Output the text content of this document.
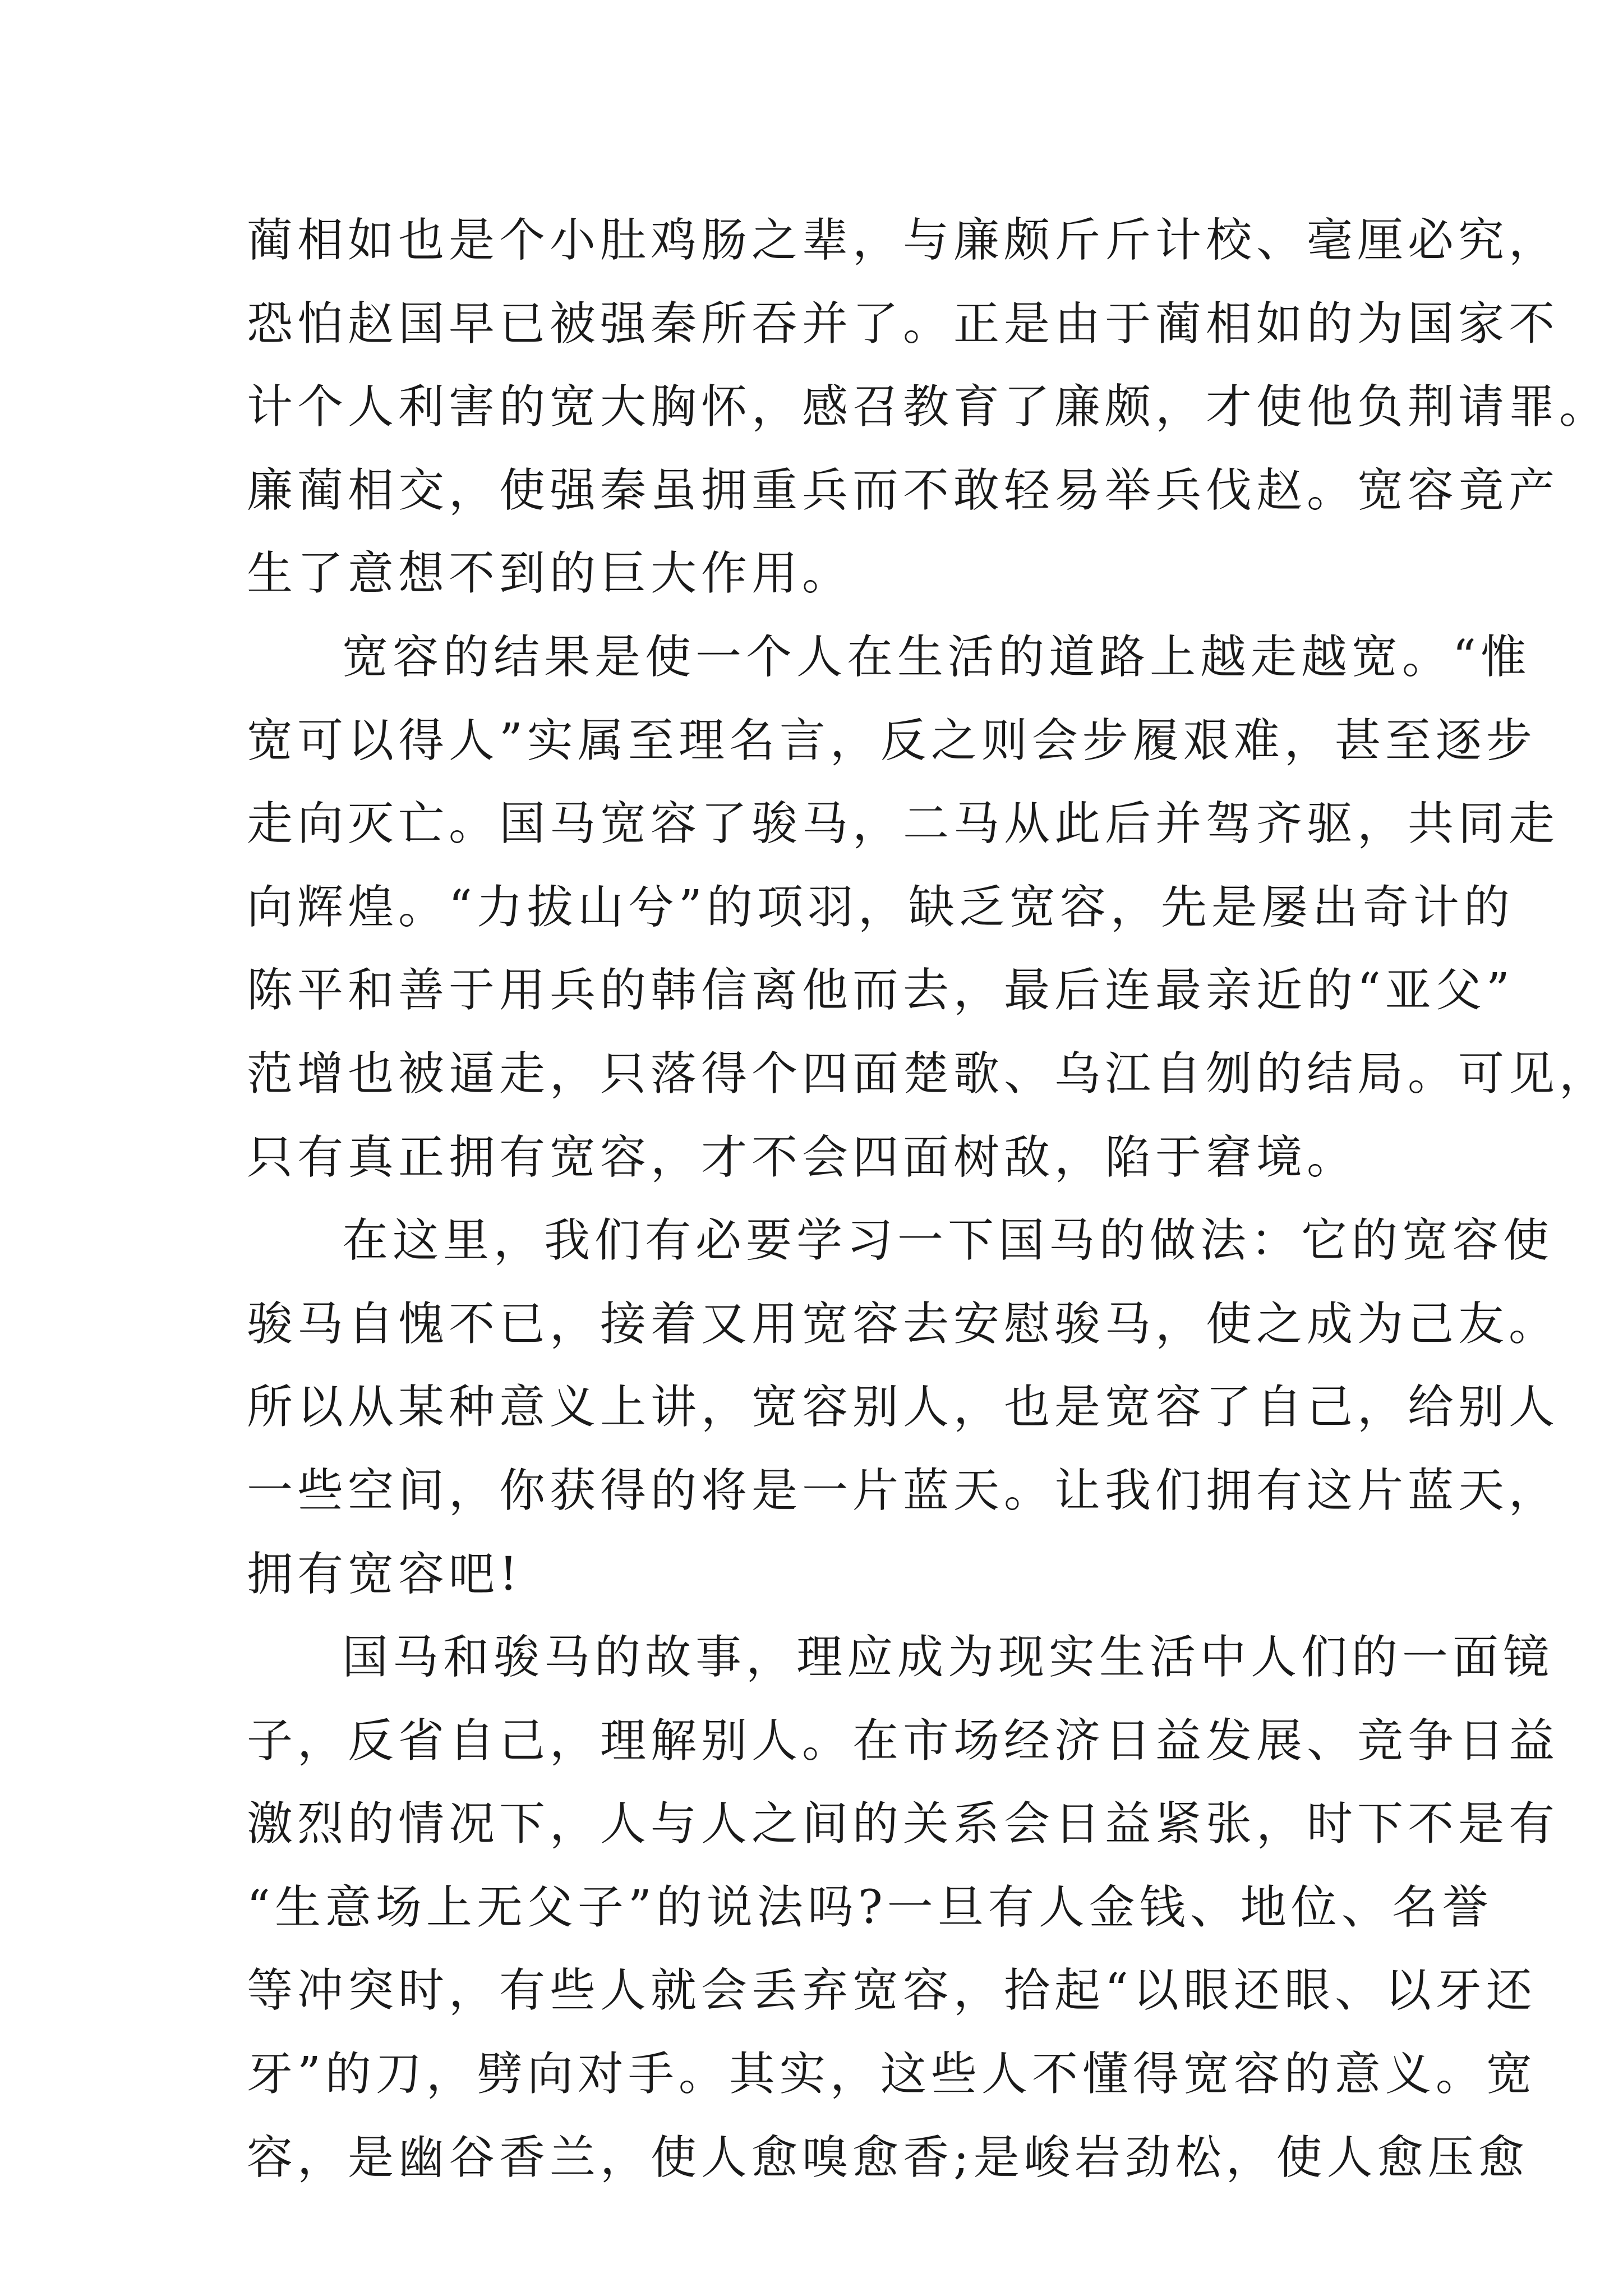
蔺相如也是个小肚鸡肠之辈，与廉颇斤斤计校、毫厘必究，
恐怕赵国早已被强秦所吞并了。正是由于蔺相如的为国家不
计个人利害的宽大胸怀，感召教育了廉颇，才使他负荆请罪。
廉蔺相交，使强秦虽拥重兵而不敢轻易举兵伐赵。宽容竟产
生了意想不到的巨大作用。
宽容的结果是使一个人在生活的道路上越走越宽。“惟
宽可以得人”实属至理名言，反之则会步履艰难，甚至逐步
走向灭亡。国马宽容了骏马，二马从此后并驾齐驱，共同走
向辉煌。“力拔山兮”的项羽，缺乏宽容，先是屡出奇计的
陈平和善于用兵的韩信离他而去，最后连最亲近的“亚父”
范增也被逼走，只落得个四面楚歌、乌江自刎的结局。可见，
只有真正拥有宽容，才不会四面树敌，陷于窘境。
在这里，我们有必要学习一下国马的做法：它的宽容使
骏马自愧不已，接着又用宽容去安慰骏马，使之成为己友。
所以从某种意义上讲，宽容别人，也是宽容了自己，给别人
一些空间，你获得的将是一片蓝天。让我们拥有这片蓝天，
拥有宽容吧!
国马和骏马的故事，理应成为现实生活中人们的一面镜
子，反省自己，理解别人。在市场经济日益发展、竞争日益
激烈的情况下，人与人之间的关系会日益紧张，时下不是有
“生意场上无父子”的说法吗?一旦有人金钱、地位、名誉
等冲突时，有些人就会丢弃宽容，拾起“以眼还眼、以牙还
牙”的刀，劈向对手。其实，这些人不懂得宽容的意义。宽
容，是幽谷香兰，使人愈嗅愈香;是峻岩劲松，使人愈压愈
